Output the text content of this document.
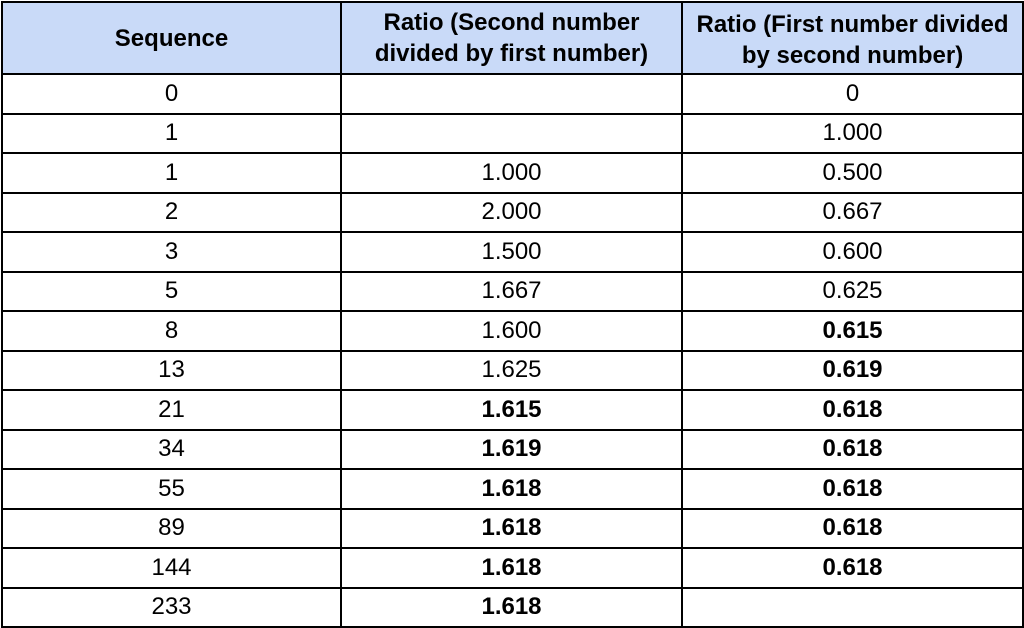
Sequence	Ratio (Second number divided by first number)	Ratio (First number divided by second number)

0		0
1		1.000
1	1.000	0.500
2	2.000	0.667
3	1.500	0.600
5	1.667	0.625
8	1.600	0.615
13	1.625	0.619
21	1.615	0.618
34	1.619	0.618
55	1.618	0.618
89	1.618	0.618
144	1.618	0.618
233	1.618	
